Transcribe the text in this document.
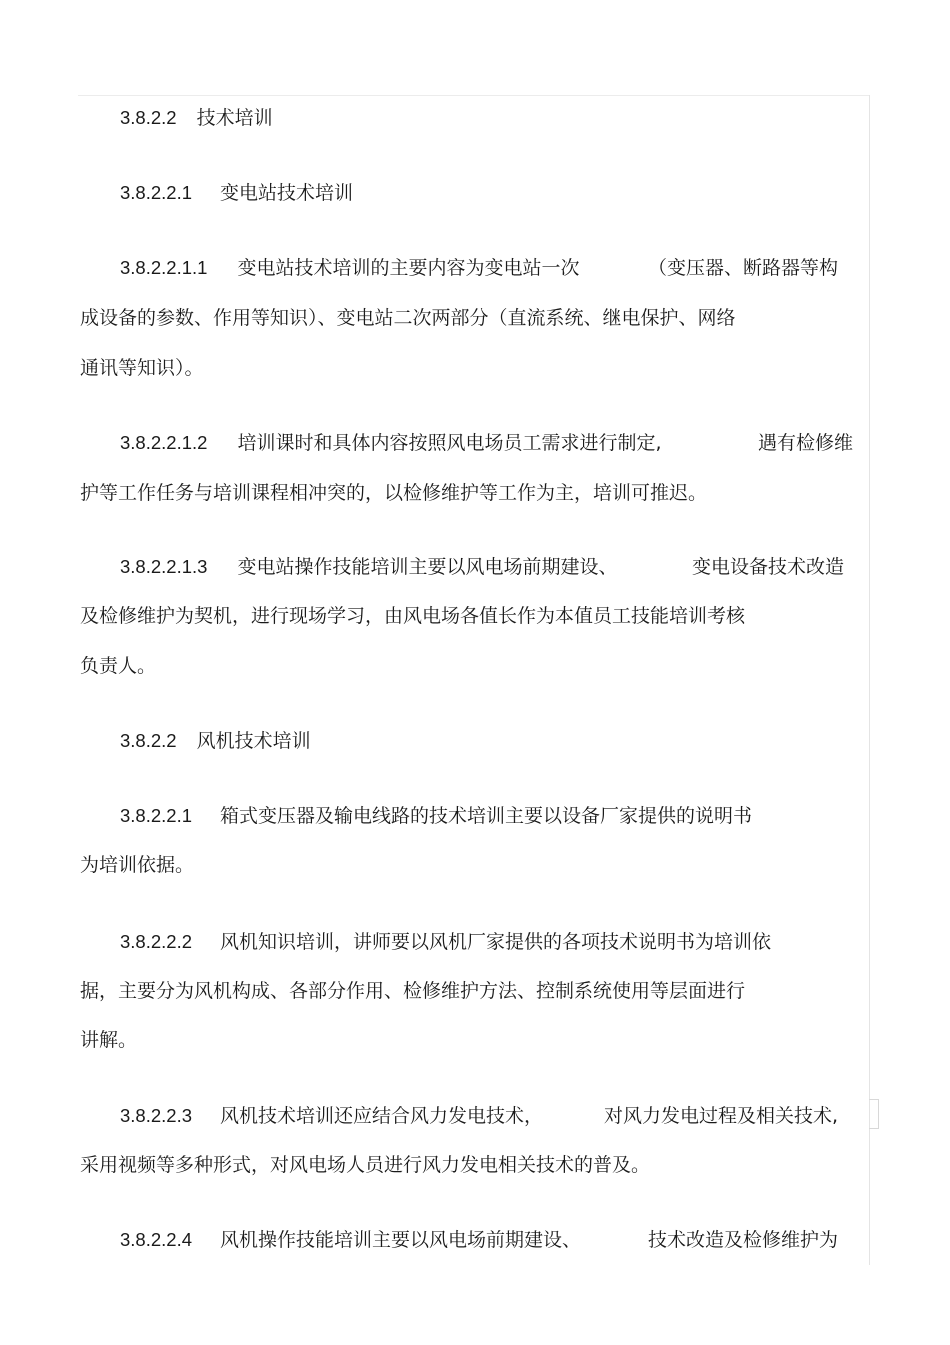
3.8.2.2 技术培训
3.8.2.2.1 变电站技术培训
3.8.2.2.1.1 变电站技术培训的主要内容为变电站一次	（变压器、断路器等构
成设备的参数、作用等知识）、变电站二次两部分（直流系统、继电保护、网络
通讯等知识）。
3.8.2.2.1.2 培训课时和具体内容按照风电场员工需求进行制定,	遇有检修维
护等工作任务与培训课程相冲突的，以检修维护等工作为主，培训可推迟。
3.8.2.2.1.3 变电站操作技能培训主要以风电场前期建设、	变电设备技术改造
及检修维护为契机，进行现场学习，由风电场各值长作为本值员工技能培训考核
负责人。
3.8.2.2 风机技术培训
3.8.2.2.1 箱式变压器及输电线路的技术培训主要以设备厂家提供的说明书
为培训依据。
3.8.2.2.2 风机知识培训，讲师要以风机厂家提供的各项技术说明书为培训依
据，主要分为风机构成、各部分作用、检修维护方法、控制系统使用等层面进行
讲解。
3.8.2.2.3 风机技术培训还应结合风力发电技术，	对风力发电过程及相关技术,
采用视频等多种形式，对风电场人员进行风力发电相关技术的普及。
3.8.2.2.4 风机操作技能培训主要以风电场前期建设、	技术改造及检修维护为
